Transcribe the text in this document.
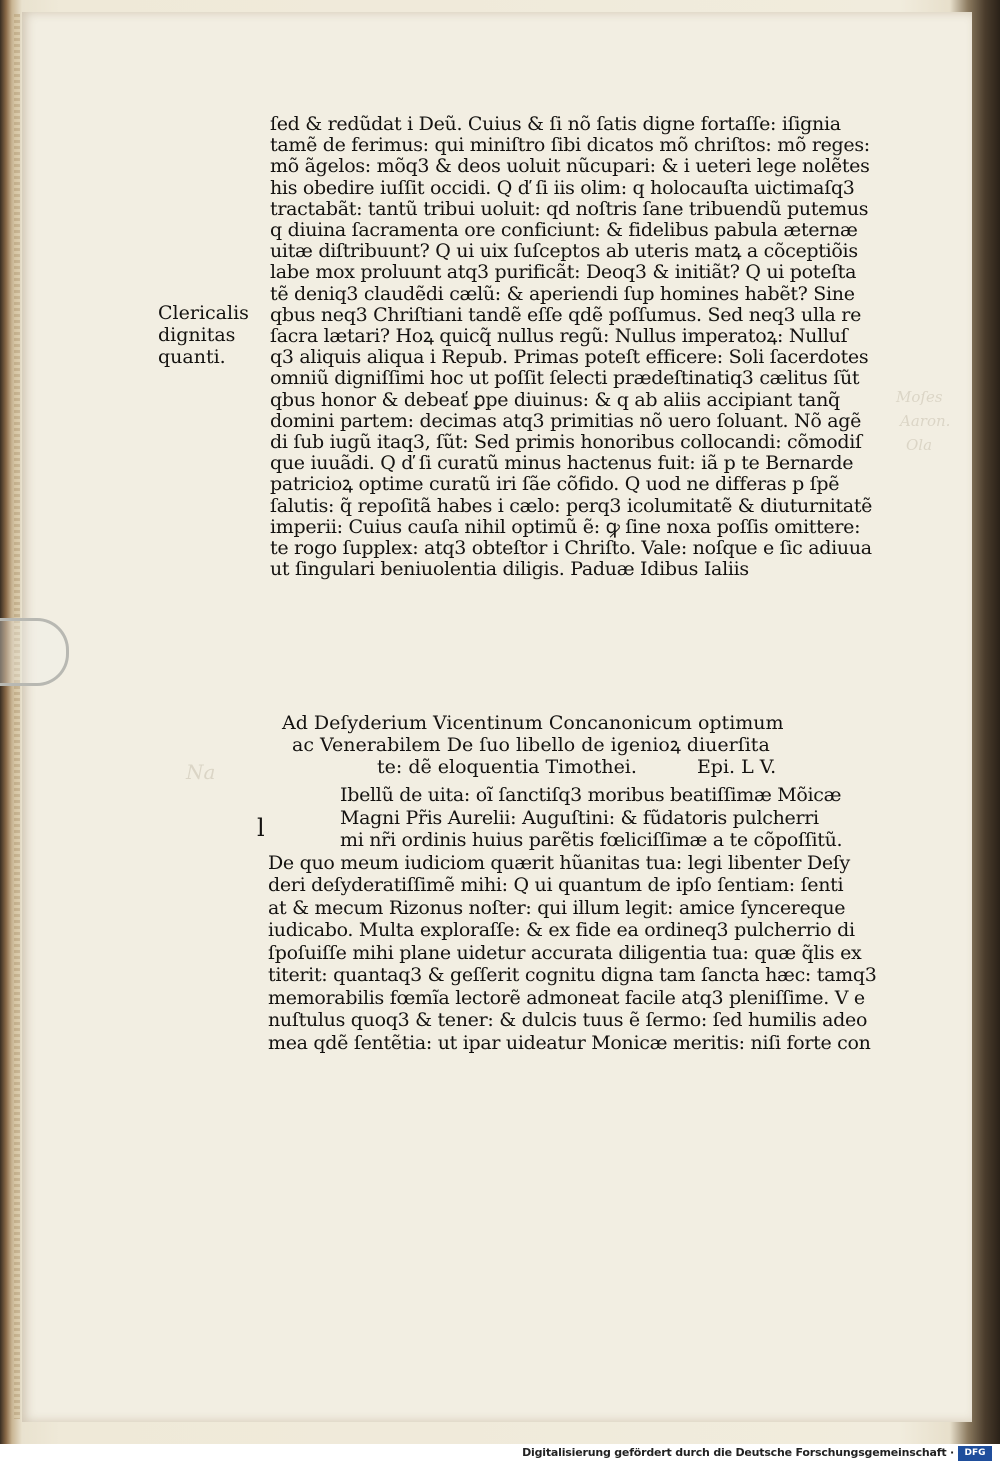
Moſes
Aaron.
Ola
Na
Clericalis
dignitas
quanti.
ſed & redũdat i Deũ. Cuius & ſi nõ ſatis digne fortaſſe: iſignia
tamẽ de ferimus: qui miniſtro ſibi dicatos mõ chriſtos: mõ reges:
mõ ãgelos: mõq3 & deos uoluit nũcupari: & i ueteri lege nolẽtes
his obedire iuſſit occidi. Q ď ſi iis olim: q holocauſta uictimaſq3
tractabãt: tantũ tribui uoluit: qd noſtris ſane tribuendũ putemus
q diuina ſacramenta ore conficiunt: & fidelibus pabula æternæ
uitæ diſtribuunt? Q ui uix ſuſceptos ab uteris matꝝ a cõceptiõis
labe mox proluunt atq3 purificãt: Deoq3 & initiãt? Q ui poteſta
tẽ deniq3 claudẽdi cælũ: & aperiendi ſup homines habẽt? Sine
qbus neq3 Chriſtiani tandẽ eſſe qdẽ poſſumus. Sed neq3 ulla re
ſacra lætari? Hoꝝ quicq̃ nullus regũ: Nullus imperatoꝝ: Nulluſ
q3 aliquis aliqua i Repub. Primas poteſt efficere: Soli ſacerdotes
omniũ digniſſimi hoc ut poſſit ſelecti prædeſtinatiq3 cælitus ſũt
qbus honor & debeať ꝑpe diuinus: & q ab aliis accipiant tanq̃
domini partem: decimas atq3 primitias nõ uero ſoluant. Nõ agẽ
di ſub iugũ itaq3, ſũt: Sed primis honoribus collocandi: cõmodiſ
que iuuãdi. Q ď ſi curatũ minus hactenus fuit: iã p te Bernarde
patricioꝝ optime curatũ iri ſãe cõfido. Q uod ne differas p ſpẽ
ſalutis: q̃ repoſitã habes i cælo: perq3 icolumitatẽ & diuturnitatẽ
imperii: Cuius cauſa nihil optimũ ẽ: ꝙ ſine noxa poſſis omittere:
te rogo ſupplex: atq3 obteſtor i Chriſto. Vale: noſque e ſic adiuua
ut ſingulari beniuolentia diligis. Paduæ Idibus Ialiis
Ad Deſyderium Vicentinum Concanonicum optimum
ac Venerabilem De ſuo libello de igenioꝝ diuerſita
te: dẽ eloquentia Timothei.	Epi. L V.
l
Ibellũ de uita: oĩ ſanctiſq3 moribus beatiſſimæ Mõicæ
Magni Pr̃is Aurelii: Auguſtini: & fũdatoris pulcherri
mi nr̃i ordinis huius parẽtis fœliciſſimæ a te cõpoſſitũ.
De quo meum iudiciom quærit hũanitas tua: legi libenter Deſy
deri deſyderatiſſimẽ mihi: Q ui quantum de ipſo ſentiam: ſenti
at & mecum Rizonus noſter: qui illum legit: amice ſyncereque
iudicabo. Multa exploraſſe: & ex fide ea ordineq3 pulcherrio di
ſpoſuiſſe mihi plane uidetur accurata diligentia tua: quæ q̃lis ex
titerit: quantaq3 & geſſerit cognitu digna tam ſancta hæc: tamq3
memorabilis fœmĩa lectorẽ admoneat facile atq3 pleniſſime. V e
nuſtulus quoq3 & tener: & dulcis tuus ẽ ſermo: ſed humilis adeo
mea qdẽ ſentẽtia: ut ipar uideatur Monicæ meritis: niſi forte con
Digitalisierung gefördert durch die Deutsche Forschungsgemeinschaft ·	DFG
